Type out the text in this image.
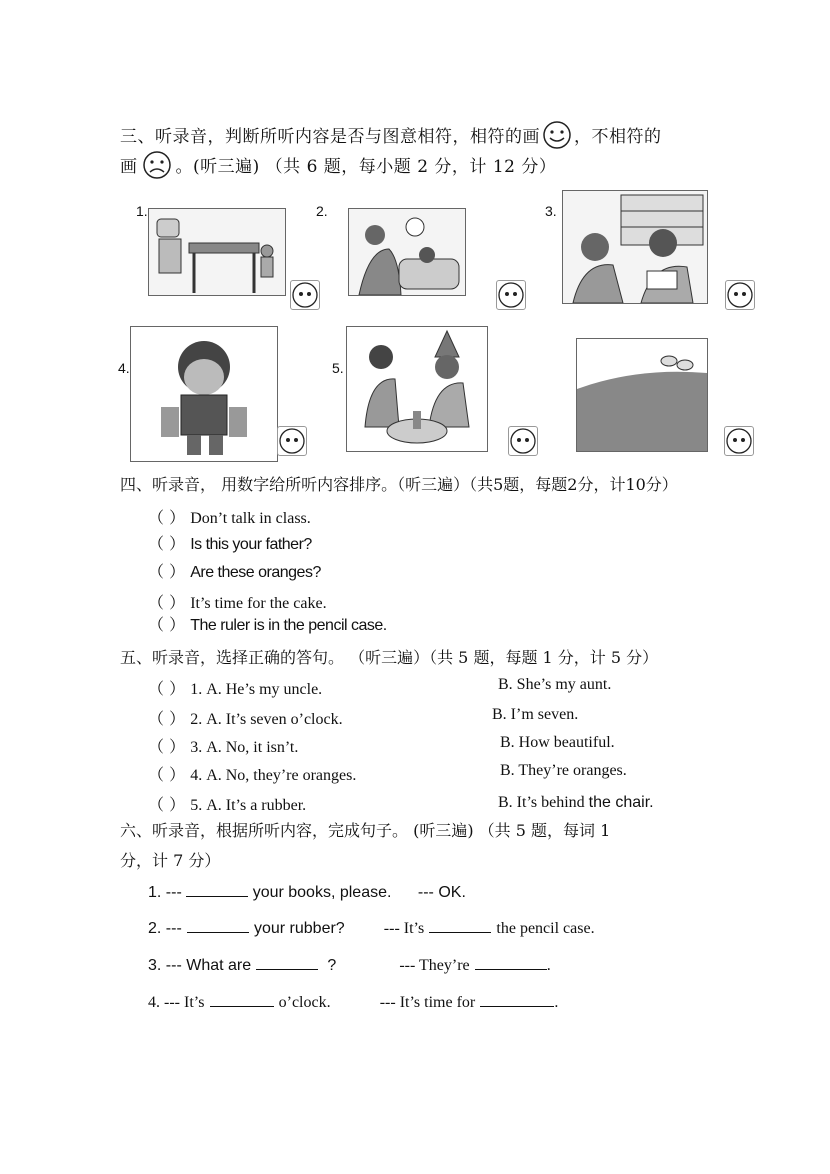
三、听录音，判断所听内容是否与图意相符，相符的画 ，不相符的
画 。(听三遍) （共 6 题，每小题 2 分，计 12 分）
1.	2.	3.
4.	5.
四、听录音， 用数字给所听内容排序。（听三遍）（共5题，每题2分，计10分）
（ ） Don’t talk in class.
（ ） Is this your father?
（ ） Are these oranges?
（ ） It’s time for the cake.
（ ） The ruler is in the pencil case.
五、听录音，选择正确的答句。 （听三遍）（共 5 题，每题 1 分，计 5 分）
（ ） 1. A. He’s my uncle.	B. She’s my aunt.
（ ） 2. A. It’s seven o’clock.	B. I’m seven.
（ ） 3. A. No, it isn’t.	B. How beautiful.
（ ） 4. A. No, they’re oranges.	B. They’re oranges.
（ ） 5. A. It’s a rubber.	B. It’s behind the chair.
六、听录音，根据所听内容，完成句子。 (听三遍) （共 5 题，每词 1
分，计 7 分）
1. ---	your books, please. --- OK.
2. ---	your rubber? --- It’s	the pencil case.
3. --- What are	?	--- They’re	.
4. --- It’s	o’clock.	--- It’s time for	.
